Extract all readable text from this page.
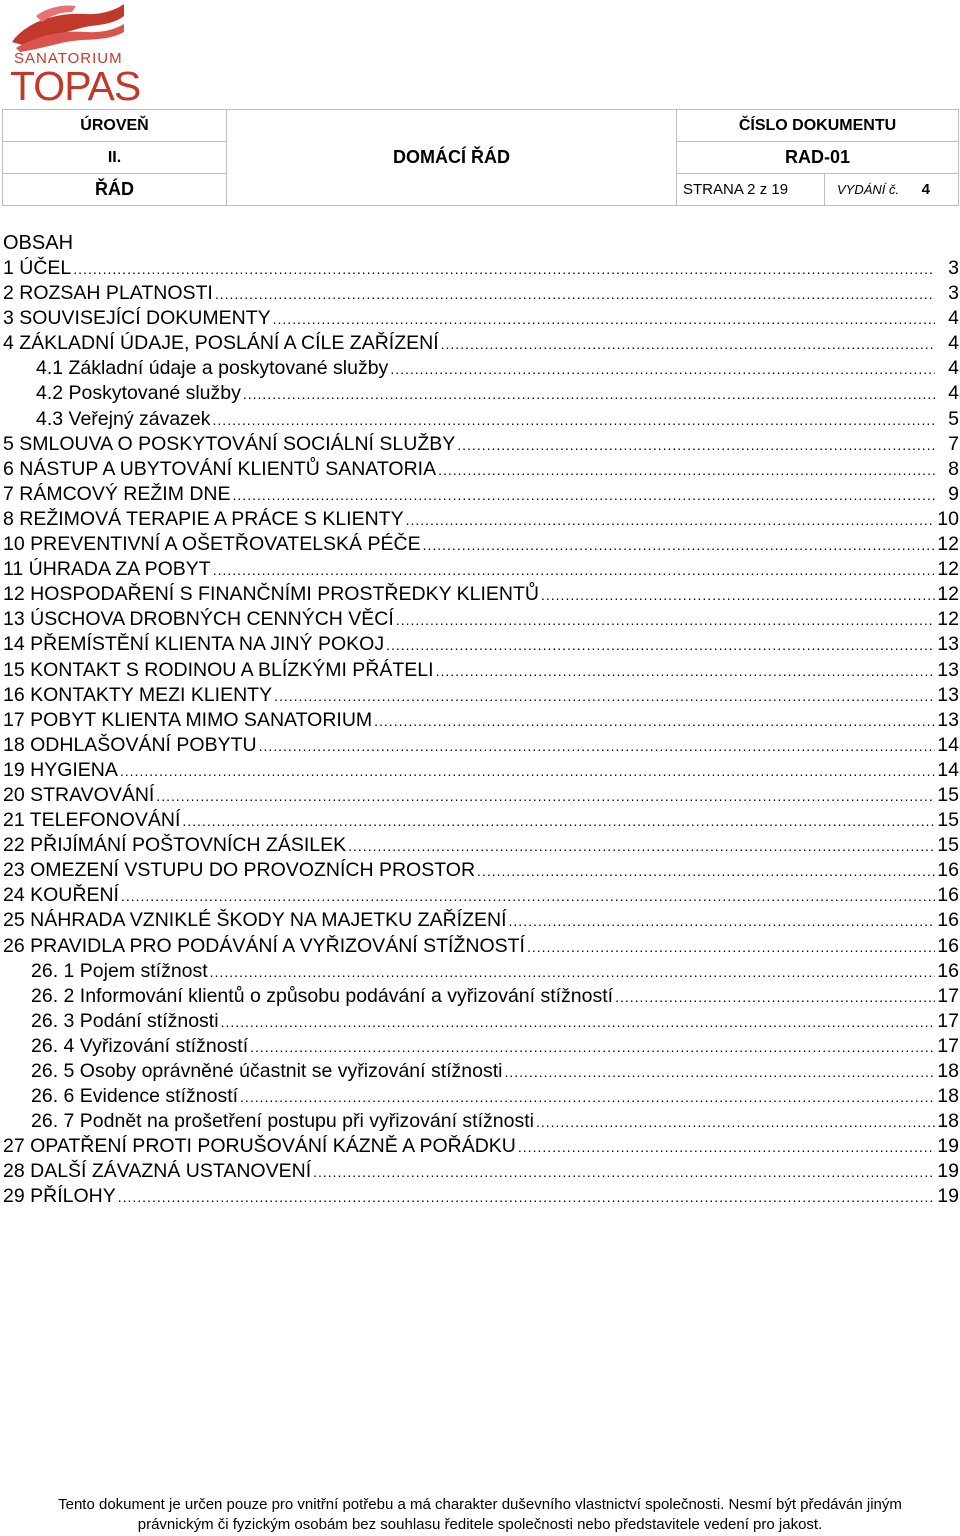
SANATORIUM
TOPAS
ÚROVEŇ	DOMÁCÍ ŘÁD	ČÍSLO DOKUMENTU	
II.		RAD-01	
ŘÁD		STRANA 2 z 19	VYDÁNÍ č. 4
OBSAH
1 ÚČEL .....	3
2 ROZSAH PLATNOSTI .....	3
3 SOUVISEJÍCÍ DOKUMENTY .....	4
4 ZÁKLADNÍ ÚDAJE, POSLÁNÍ A CÍLE ZAŘÍZENÍ .....	4
4.1 Základní údaje a poskytované služby .....	4
4.2 Poskytované služby .....	4
4.3 Veřejný závazek .....	5
5 SMLOUVA O POSKYTOVÁNÍ SOCIÁLNÍ SLUŽBY .....	7
6 NÁSTUP A UBYTOVÁNÍ KLIENTŮ SANATORIA .....	8
7 RÁMCOVÝ REŽIM DNE .....	9
8 REŽIMOVÁ TERAPIE A PRÁCE S KLIENTY .....	10
10 PREVENTIVNÍ A OŠETŘOVATELSKÁ PÉČE .....	12
11 ÚHRADA ZA POBYT .....	12
12 HOSPODAŘENÍ S FINANČNÍMI PROSTŘEDKY KLIENTŮ .....	12
13 ÚSCHOVA DROBNÝCH CENNÝCH VĚCÍ .....	12
14 PŘEMÍSTĚNÍ KLIENTA NA JINÝ POKOJ .....	13
15 KONTAKT S RODINOU A BLÍZKÝMI PŘÁTELI .....	13
16 KONTAKTY MEZI KLIENTY .....	13
17 POBYT KLIENTA MIMO SANATORIUM .....	13
18 ODHLAŠOVÁNÍ POBYTU .....	14
19 HYGIENA .....	14
20 STRAVOVÁNÍ .....	15
21 TELEFONOVÁNÍ .....	15
22 PŘIJÍMÁNÍ POŠTOVNÍCH ZÁSILEK .....	15
23 OMEZENÍ VSTUPU DO PROVOZNÍCH PROSTOR .....	16
24 KOUŘENÍ .....	16
25 NÁHRADA VZNIKLÉ ŠKODY NA MAJETKU ZAŘÍZENÍ .....	16
26 PRAVIDLA PRO PODÁVÁNÍ A VYŘIZOVÁNÍ STÍŽNOSTÍ .....	16
26. 1 Pojem stížnost .....	16
26. 2 Informování klientů o způsobu podávání a vyřizování stížností .....	17
26. 3 Podání stížnosti .....	17
26. 4 Vyřizování stížností .....	17
26. 5 Osoby oprávněné účastnit se vyřizování stížnosti .....	18
26. 6 Evidence stížností .....	18
26. 7 Podnět na prošetření postupu při vyřizování stížnosti .....	18
27 OPATŘENÍ PROTI PORUŠOVÁNÍ KÁZNĚ A POŘÁDKU .....	19
28 DALŠÍ ZÁVAZNÁ USTANOVENÍ .....	19
29 PŘÍLOHY .....	19
Tento dokument je určen pouze pro vnitřní potřebu a má charakter duševního vlastnictví společnosti. Nesmí být předáván jiným
právnickým či fyzickým osobám bez souhlasu ředitele společnosti nebo představitele vedení pro jakost.
